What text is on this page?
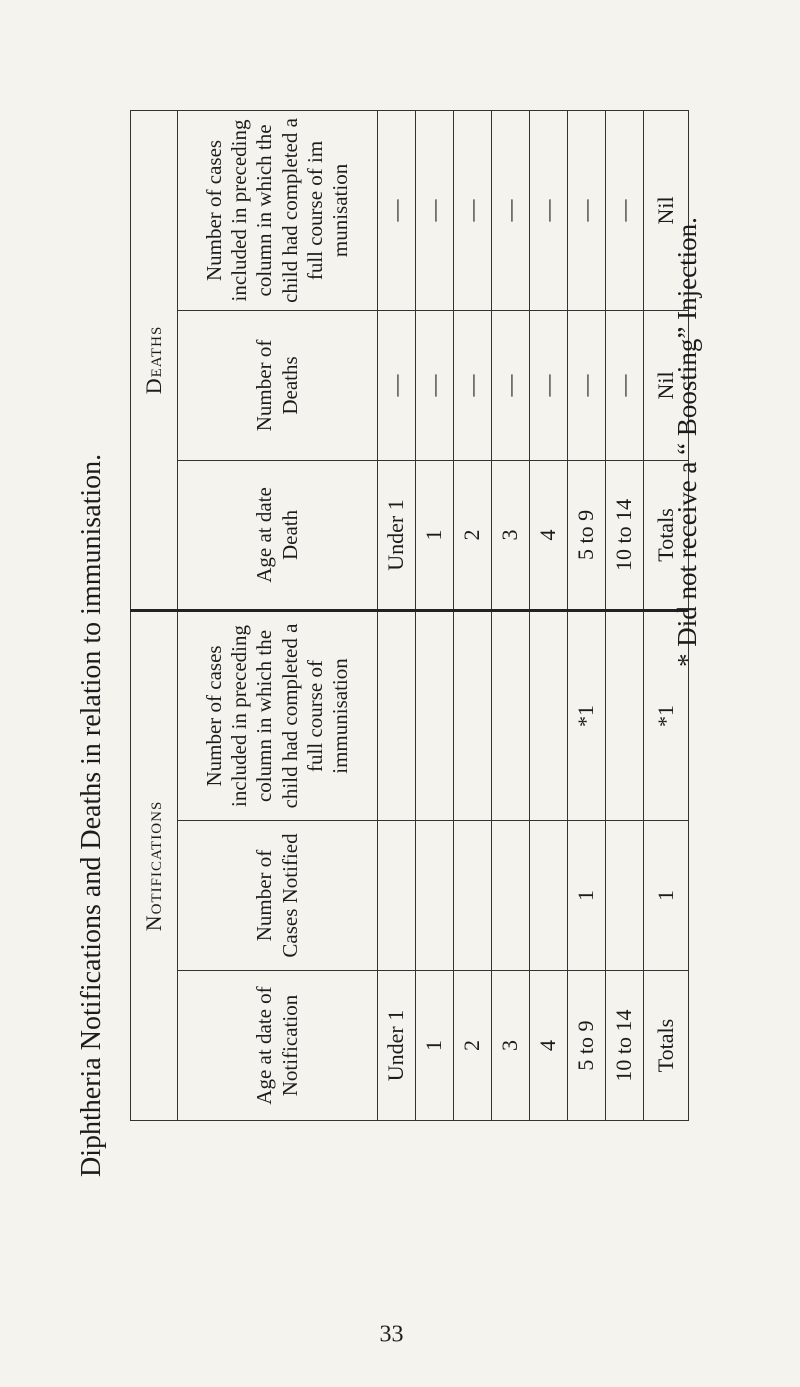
Diphtheria Notifications and Deaths in relation to immunisation. Notifications			Deaths		
Age at date of Notification	Number of Cases Notified	Number of cases included in preceding column in which the child had completed a full course of immunisation	Age at date Death	Number of Deaths	Number of cases included in preceding column in which the child had completed a full course of im munisation
Under 1			Under 1	—	—
1			1	—	—
2			2	—	—
3			3	—	—
4			4	—	—
5 to 9	1	*1	5 to 9	—	—
10 to 14			10 to 14	—	—
Totals	1	*1	Totals	Nil	Nil
* Did not receive a “ Boosting” Injection.
33
